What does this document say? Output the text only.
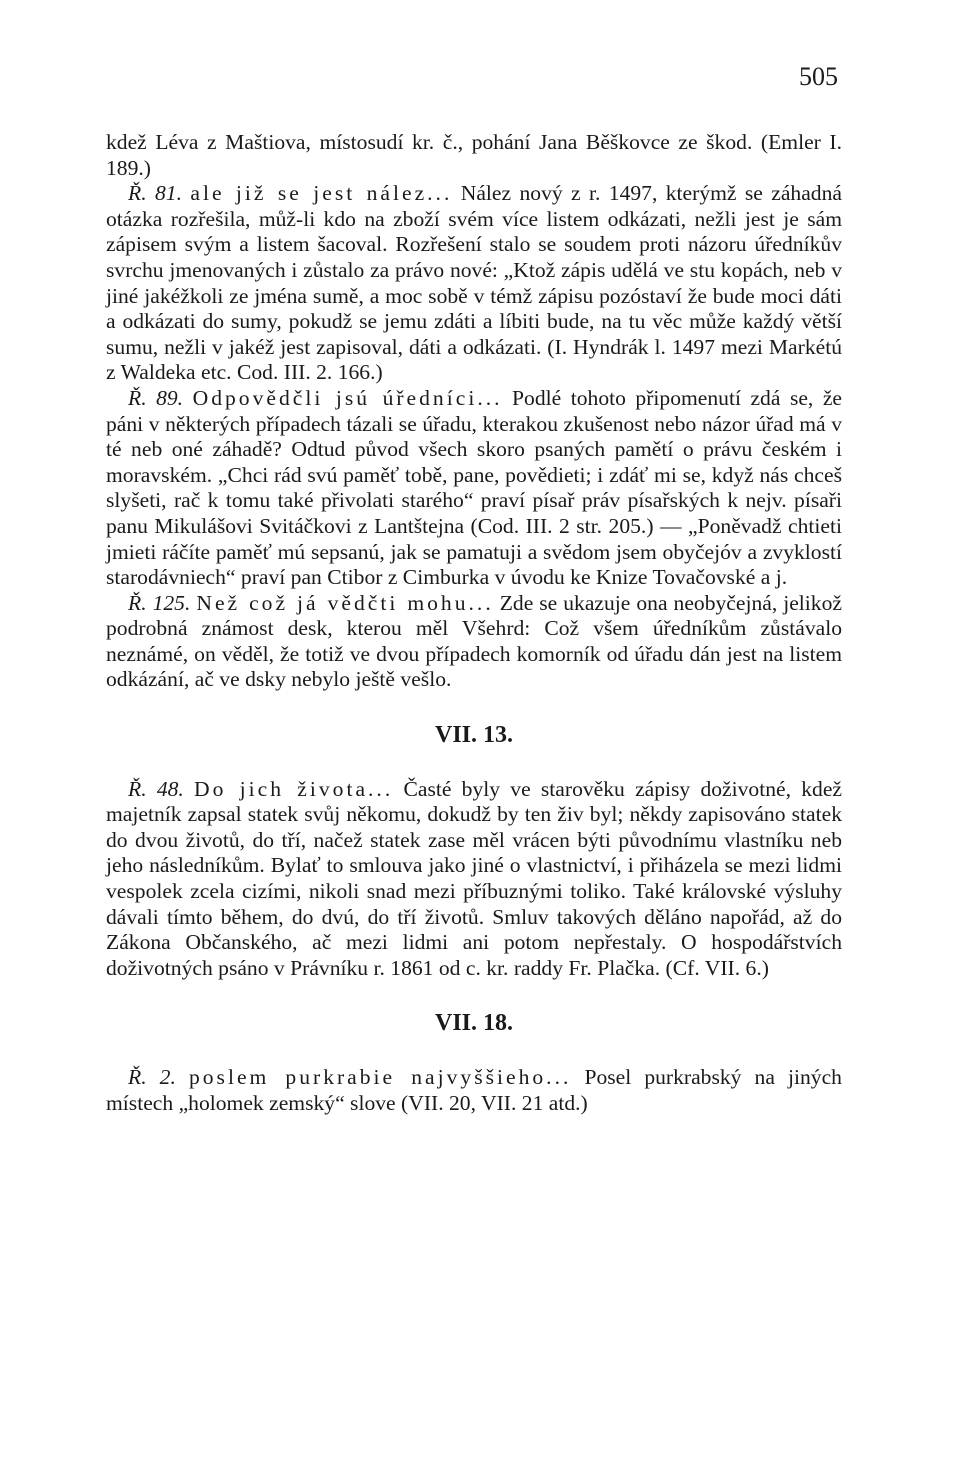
505

kdež Léva z Maštiova, místosudí kr. č., pohání Jana Běškovce ze škod. (Emler I. 189.)

Ř. 81. ale již se jest nález... Nález nový z r. 1497, kterýmž se záhadná otázka rozřešila, můž-li kdo na zboží svém více listem odkázati, nežli jest je sám zápisem svým a listem šacoval. Rozřešení stalo se soudem proti názoru úředníkův svrchu jmenovaných i zůstalo za právo nové: „Ktož zápis udělá ve stu kopách, neb v jiné jakéžkoli ze jména sumě, a moc sobě v témž zápisu pozóstaví že bude moci dáti a odkázati do sumy, pokudž se jemu zdáti a líbiti bude, na tu věc může každý větší sumu, nežli v jakéž jest zapisoval, dáti a odkázati. (I. Hyndrák l. 1497 mezi Markétú z Waldeka etc. Cod. III. 2. 166.)

Ř. 89. Odpovědčli jsú úředníci... Podlé tohoto připomenutí zdá se, že páni v některých případech tázali se úřadu, kterakou zkušenost nebo názor úřad má v té neb oné záhadě? Odtud původ všech skoro psaných pamětí o právu českém i moravském. „Chci rád svú paměť tobě, pane, povědieti; i zdáť mi se, když nás chceš slyšeti, rač k tomu také přivolati starého“ praví písař práv písařských k nejv. písaři panu Mikulášovi Svitáčkovi z Lantštejna (Cod. III. 2 str. 205.) — „Poněvadž chtieti jmieti ráčíte paměť mú sepsanú, jak se pamatuji a svědom jsem obyčejóv a zvyklostí starodávniech“ praví pan Ctibor z Cimburka v úvodu ke Knize Tovačovské a j.

Ř. 125. Než což já vědčti mohu... Zde se ukazuje ona neobyčejná, jelikož podrobná známost desk, kterou měl Všehrd: Což všem úředníkům zůstávalo neznámé, on věděl, že totiž ve dvou případech komorník od úřadu dán jest na listem odkázání, ač ve dsky nebylo ještě vešlo.

VII. 13.

Ř. 48. Do jich života... Časté byly ve starověku zápisy doživotné, kdež majetník zapsal statek svůj někomu, dokudž by ten živ byl; někdy zapisováno statek do dvou životů, do tří, načež statek zase měl vrácen býti původnímu vlastníku neb jeho následníkům. Bylať to smlouva jako jiné o vlastnictví, i přiházela se mezi lidmi vespolek zcela cizími, nikoli snad mezi příbuznými toliko. Také královské výsluhy dávali tímto během, do dvú, do tří životů. Smluv takových děláno napořád, až do Zákona Občanského, ač mezi lidmi ani potom nepřestaly. O hospodářstvích doživotných psáno v Právníku r. 1861 od c. kr. raddy Fr. Plačka. (Cf. VII. 6.)

VII. 18.

Ř. 2. poslem purkrabie najvyššieho... Posel purkrabský na jiných místech „holomek zemský“ slove (VII. 20, VII. 21 atd.)
